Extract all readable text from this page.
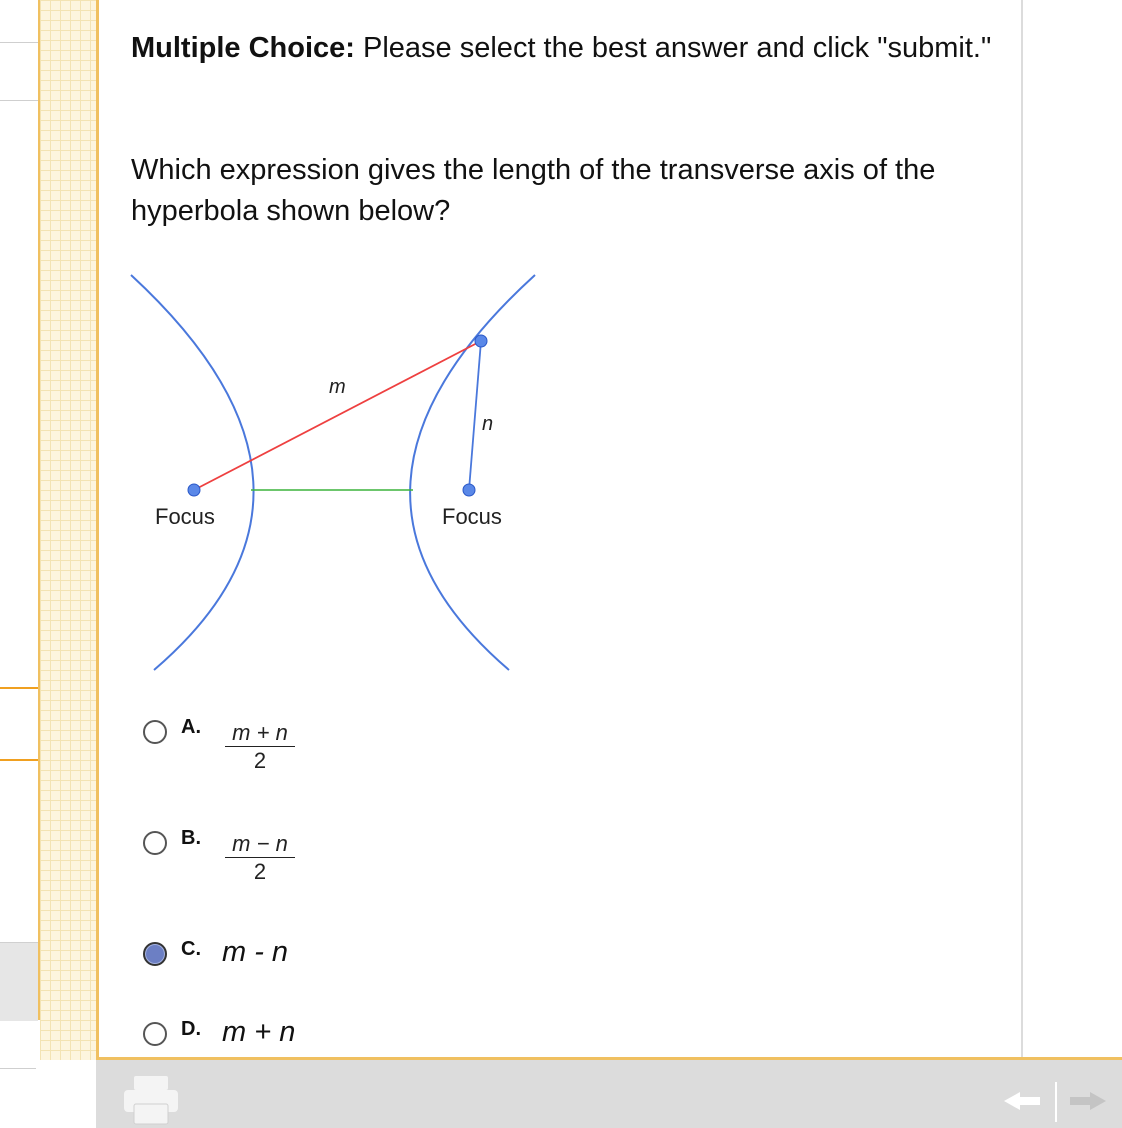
Multiple Choice: Please select the best answer and click "submit."
Which expression gives the length of the transverse axis of the hyperbola shown below?
m
n
Focus	Focus
A. $\frac{m + n}{2}$
B. $\frac{m - n}{2}$
C. m - n
D. m + n
